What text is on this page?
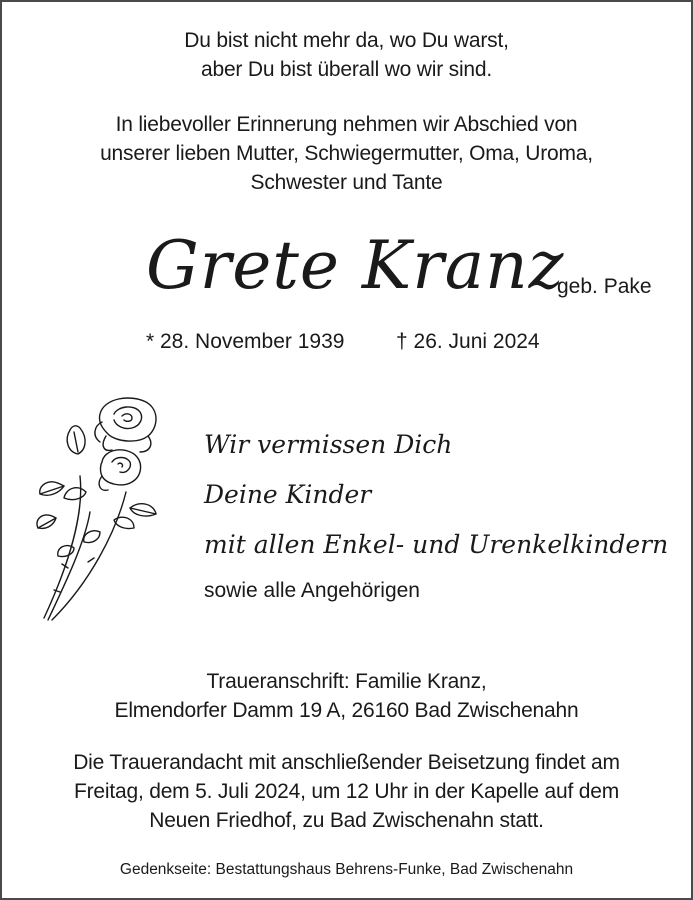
Du bist nicht mehr da, wo Du warst,
aber Du bist überall wo wir sind.
In liebevoller Erinnerung nehmen wir Abschied von
unserer lieben Mutter, Schwiegermutter, Oma, Uroma,
Schwester und Tante
Grete Kranz
geb. Pake
* 28. November 1939 † 26. Juni 2024
Wir vermissen Dich
Deine Kinder
mit allen Enkel- und Urenkelkindern
sowie alle Angehörigen
Traueranschrift: Familie Kranz,
Elmendorfer Damm 19 A, 26160 Bad Zwischenahn
Die Trauerandacht mit anschließender Beisetzung findet am
Freitag, dem 5. Juli 2024, um 12 Uhr in der Kapelle auf dem
Neuen Friedhof, zu Bad Zwischenahn statt.
Gedenkseite: Bestattungshaus Behrens-Funke, Bad Zwischenahn
